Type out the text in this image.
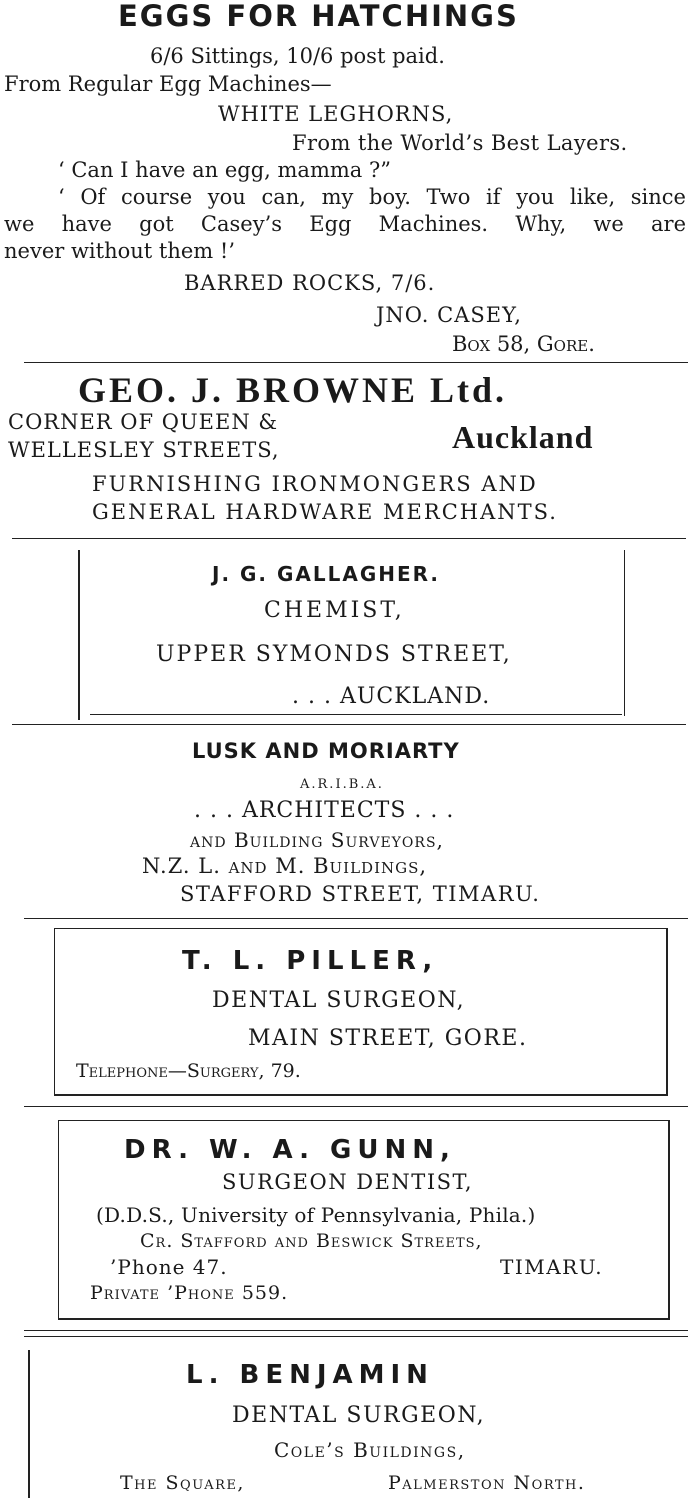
EGGS FOR HATCHINGS

6/6 Sittings, 10/6 post paid.

From Regular Egg Machines—

WHITE LEGHORNS,

From the World’s Best Layers.

‘ Can I have an egg, mamma ?”

‘ Of course you can, my boy. Two if you like, since

we have got Casey’s Egg Machines. Why, we are

never without them !’

BARRED ROCKS, 7/6.

JNO. CASEY,

Box 58, Gore.

GEO. J. BROWNE Ltd.

CORNER OF QUEEN &

WELLESLEY STREETS,	Auckland

FURNISHING IRONMONGERS AND

GENERAL HARDWARE MERCHANTS.

J. G. GALLAGHER.

CHEMIST,

UPPER SYMONDS STREET,

. . . AUCKLAND.

LUSK AND MORIARTY

A.R.I.B.A.

. . . ARCHITECTS . . .

and Building Surveyors,

N.Z. L. and M. Buildings,

STAFFORD STREET, TIMARU.

T. L. PILLER,

DENTAL SURGEON,

MAIN STREET, GORE.

Telephone—Surgery, 79.

DR. W. A. GUNN,

SURGEON DENTIST,

(D.D.S., University of Pennsylvania, Phila.)

Cr. Stafford and Beswick Streets,

’Phone 47.	TIMARU.

Private ’Phone 559.

L. BENJAMIN

DENTAL SURGEON,

Cole’s Buildings,

The Square,	Palmerston North.
